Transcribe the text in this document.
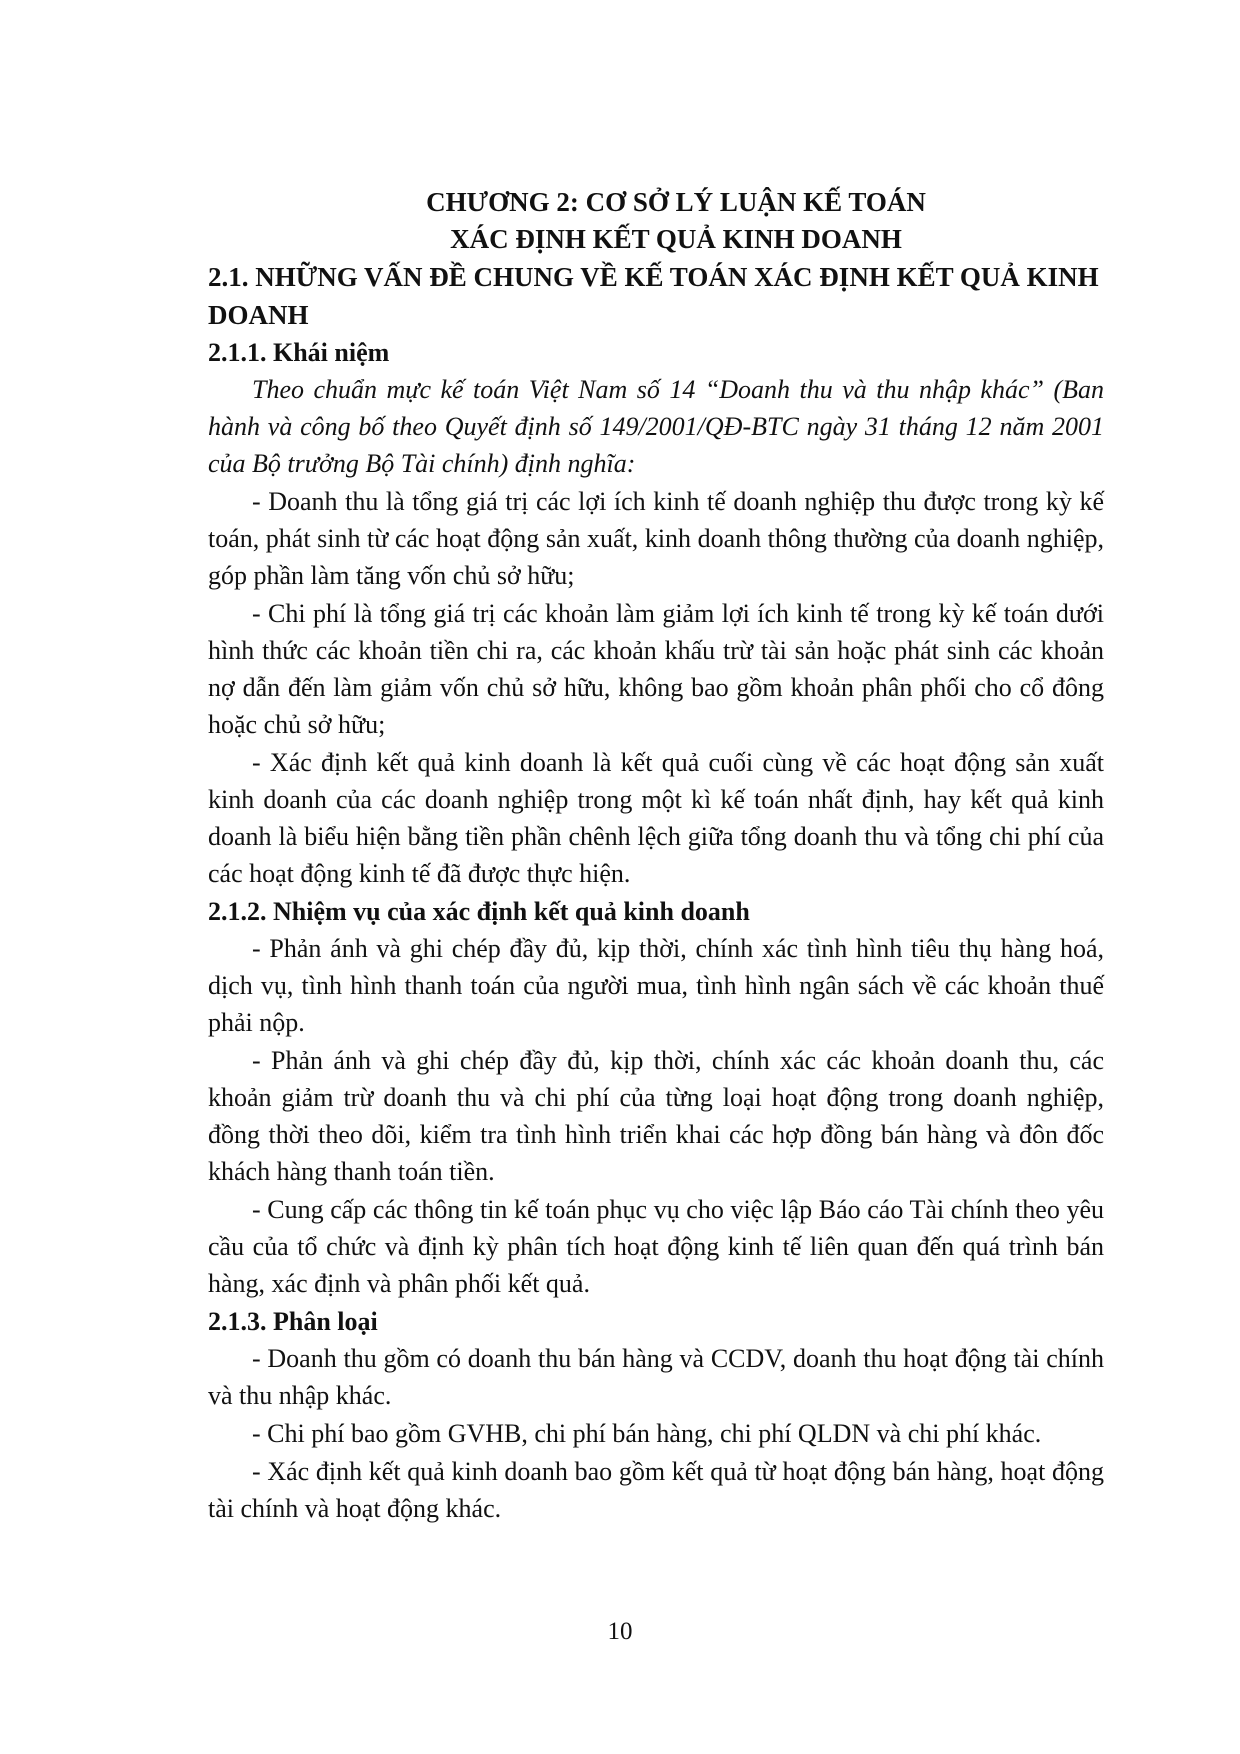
CHƯƠNG 2: CƠ SỞ LÝ LUẬN KẾ TOÁN
XÁC ĐỊNH KẾT QUẢ KINH DOANH
2.1. NHỮNG VẤN ĐỀ CHUNG VỀ KẾ TOÁN XÁC ĐỊNH KẾT QUẢ KINH DOANH
2.1.1. Khái niệm

Theo chuẩn mực kế toán Việt Nam số 14 “Doanh thu và thu nhập khác” (Ban hành và công bố theo Quyết định số 149/2001/QĐ-BTC ngày 31 tháng 12 năm 2001 của Bộ trưởng Bộ Tài chính) định nghĩa:

- Doanh thu là tổng giá trị các lợi ích kinh tế doanh nghiệp thu được trong kỳ kế toán, phát sinh từ các hoạt động sản xuất, kinh doanh thông thường của doanh nghiệp, góp phần làm tăng vốn chủ sở hữu;

- Chi phí là tổng giá trị các khoản làm giảm lợi ích kinh tế trong kỳ kế toán dưới hình thức các khoản tiền chi ra, các khoản khấu trừ tài sản hoặc phát sinh các khoản nợ dẫn đến làm giảm vốn chủ sở hữu, không bao gồm khoản phân phối cho cổ đông hoặc chủ sở hữu;

- Xác định kết quả kinh doanh là kết quả cuối cùng về các hoạt động sản xuất kinh doanh của các doanh nghiệp trong một kì kế toán nhất định, hay kết quả kinh doanh là biểu hiện bằng tiền phần chênh lệch giữa tổng doanh thu và tổng chi phí của các hoạt động kinh tế đã được thực hiện.

2.1.2. Nhiệm vụ của xác định kết quả kinh doanh

- Phản ánh và ghi chép đầy đủ, kịp thời, chính xác tình hình tiêu thụ hàng hoá, dịch vụ, tình hình thanh toán của người mua, tình hình ngân sách về các khoản thuế phải nộp.

- Phản ánh và ghi chép đầy đủ, kịp thời, chính xác các khoản doanh thu, các khoản giảm trừ doanh thu và chi phí của từng loại hoạt động trong doanh nghiệp, đồng thời theo dõi, kiểm tra tình hình triển khai các hợp đồng bán hàng và đôn đốc khách hàng thanh toán tiền.

- Cung cấp các thông tin kế toán phục vụ cho việc lập Báo cáo Tài chính theo yêu cầu của tổ chức và định kỳ phân tích hoạt động kinh tế liên quan đến quá trình bán hàng, xác định và phân phối kết quả.

2.1.3. Phân loại

- Doanh thu gồm có doanh thu bán hàng và CCDV, doanh thu hoạt động tài chính và thu nhập khác.

- Chi phí bao gồm GVHB, chi phí bán hàng, chi phí QLDN và chi phí khác.

- Xác định kết quả kinh doanh bao gồm kết quả từ hoạt động bán hàng, hoạt động tài chính và hoạt động khác.

10
